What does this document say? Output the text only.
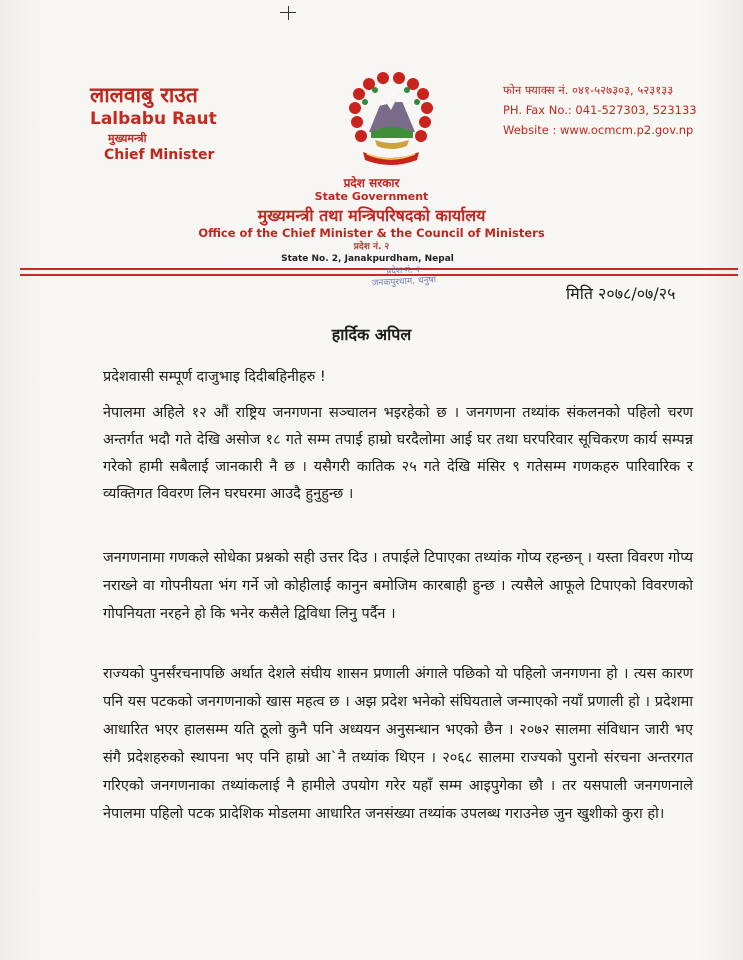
लालवाबु राउत

Lalbabu Raut

मुख्यमन्त्री

Chief Minister

फोन फ्याक्स नं. ०४१-५२७३०३, ५२३१३३
PH. Fax No.: 041-527303, 523133
Website : www.ocmcm.p2.gov.np
प्रदेश सरकार
State Government
मुख्यमन्त्री तथा मन्त्रिपरिषदको कार्यालय
Office of the Chief Minister & the Council of Ministers
प्रदेश नं. २
State No. 2, Janakpurdham, Nepal
प्रदेश नं. २
जनकपुरधाम, धनुषा
मिति २०७८/०७/२५
हार्दिक अपिल
प्रदेशवासी सम्पूर्ण दाजुभाइ दिदीबहिनीहरु !
नेपालमा अहिले १२ औं राष्ट्रिय जनगणना सञ्चालन भइरहेको छ । जनगणना तथ्यांक संकलनको पहिलो चरण अन्तर्गत भदौ गते देखि असोज १८ गते सम्म तपाई हाम्रो घरदैलोमा आई घर तथा घरपरिवार सूचिकरण कार्य सम्पन्न गरेको हामी सबैलाई जानकारी नै छ । यसैगरी कातिक २५ गते देखि मंसिर ९ गतेसम्म गणकहरु पारिवारिक र व्यक्तिगत विवरण लिन घरघरमा आउदै हुनुहुन्छ ।
जनगणनामा गणकले सोधेका प्रश्नको सही उत्तर दिउ । तपाईले टिपाएका तथ्यांक गोप्य रहन्छन् । यस्ता विवरण गोप्य नराख्ने वा गोपनीयता भंग गर्ने जो कोहीलाई कानुन बमोजिम कारबाही हुन्छ । त्यसैले आफूले टिपाएको विवरणको गोपनियता नरहने हो कि भनेर कसैले द्विविधा लिनु पर्दैन ।
राज्यको पुनर्संरचनापछि अर्थात देशले संघीय शासन प्रणाली अंगाले पछिको यो पहिलो जनगणना हो । त्यस कारण पनि यस पटकको जनगणनाको खास महत्व छ । अझ प्रदेश भनेको संघियताले जन्माएको नयाँ प्रणाली हो । प्रदेशमा आधारित भएर हालसम्म यति ठूलो कुनै पनि अध्ययन अनुसन्धान भएको छैन । २०७२ सालमा संविधान जारी भए संगै प्रदेशहरुको स्थापना भए पनि हाम्रो आ`नै तथ्यांक थिएन । २०६८ सालमा राज्यको पुरानो संरचना अन्तरगत गरिएको जनगणनाका तथ्यांकलाई नै हामीले उपयोग गरेर यहाँ सम्म आइपुगेका छौ । तर यसपाली जनगणनाले नेपालमा पहिलो पटक प्रादेशिक मोडलमा आधारित जनसंख्या तथ्यांक उपलब्ध गराउनेछ जुन खुशीको कुरा हो।
